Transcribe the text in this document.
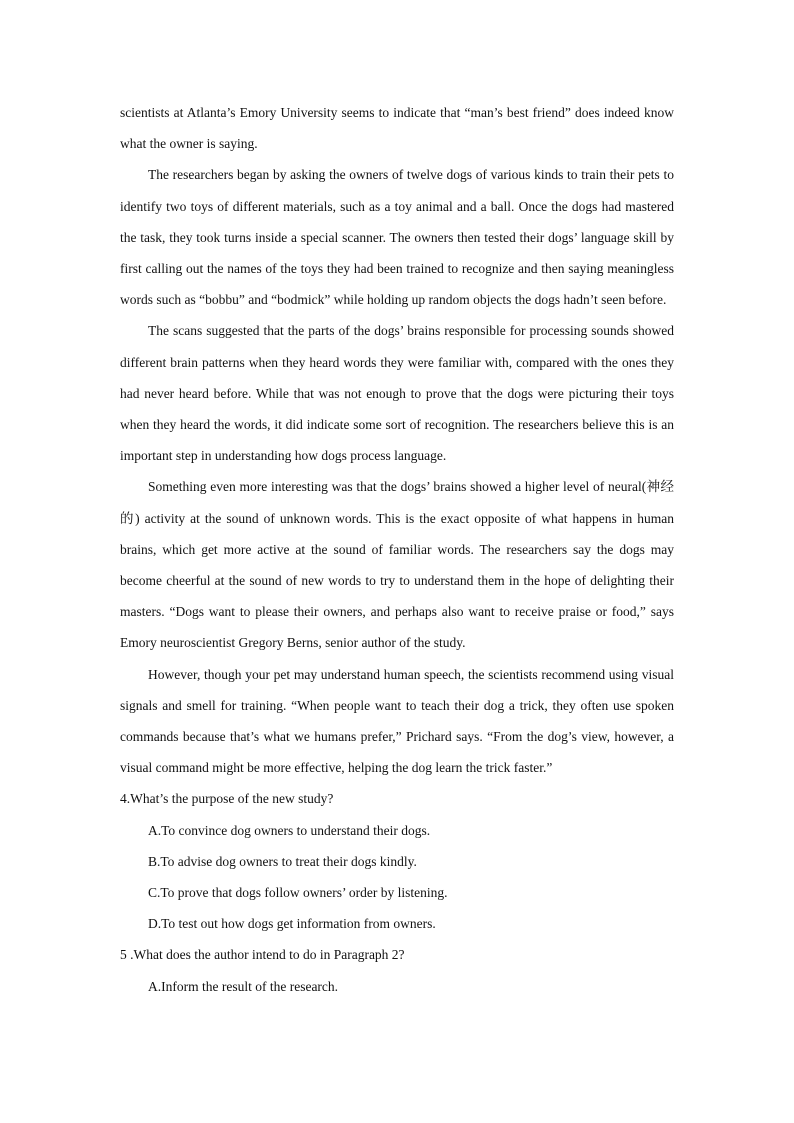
scientists at Atlanta’s Emory University seems to indicate that “man’s best friend” does indeed know what the owner is saying.

The researchers began by asking the owners of twelve dogs of various kinds to train their pets to identify two toys of different materials, such as a toy animal and a ball. Once the dogs had mastered the task, they took turns inside a special scanner. The owners then tested their dogs’ language skill by first calling out the names of the toys they had been trained to recognize and then saying meaningless words such as “bobbu” and “bodmick” while holding up random objects the dogs hadn’t seen before.

The scans suggested that the parts of the dogs’ brains responsible for processing sounds showed different brain patterns when they heard words they were familiar with, compared with the ones they had never heard before. While that was not enough to prove that the dogs were picturing their toys when they heard the words, it did indicate some sort of recognition. The researchers believe this is an important step in understanding how dogs process language.

Something even more interesting was that the dogs’ brains showed a higher level of neural(神经的) activity at the sound of unknown words. This is the exact opposite of what happens in human brains, which get more active at the sound of familiar words. The researchers say the dogs may become cheerful at the sound of new words to try to understand them in the hope of delighting their masters. “Dogs want to please their owners, and perhaps also want to receive praise or food,” says Emory neuroscientist Gregory Berns, senior author of the study.

However, though your pet may understand human speech, the scientists recommend using visual signals and smell for training. “When people want to teach their dog a trick, they often use spoken commands because that’s what we humans prefer,” Prichard says. “From the dog’s view, however, a visual command might be more effective, helping the dog learn the trick faster.”

4.What’s the purpose of the new study?

A.To convince dog owners to understand their dogs.

B.To advise dog owners to treat their dogs kindly.

C.To prove that dogs follow owners’ order by listening.

D.To test out how dogs get information from owners.

5 .What does the author intend to do in Paragraph 2?

A.Inform the result of the research.
